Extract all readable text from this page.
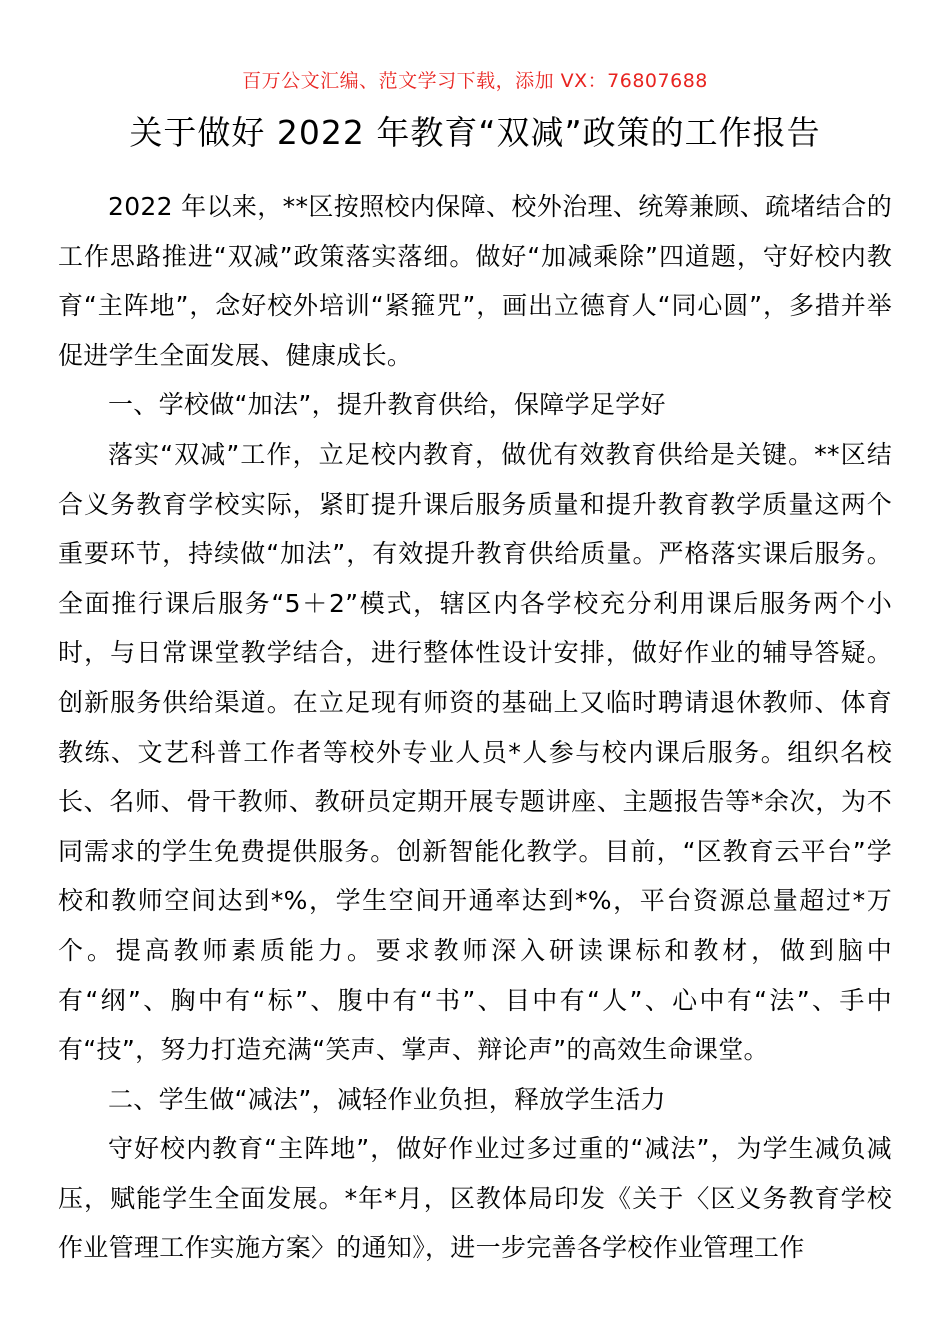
百万公文汇编、范文学习下载，添加 VX：76807688
关于做好 2022 年教育“双减”政策的工作报告

2022 年以来，**区按照校内保障、校外治理、统筹兼顾、疏堵结合的工作思路推进“双减”政策落实落细。做好“加减乘除”四道题，守好校内教育“主阵地”，念好校外培训“紧箍咒”，画出立德育人“同心圆”，多措并举促进学生全面发展、健康成长。

一、学校做“加法”，提升教育供给，保障学足学好

落实“双减”工作，立足校内教育，做优有效教育供给是关键。**区结合义务教育学校实际，紧盯提升课后服务质量和提升教育教学质量这两个重要环节，持续做“加法”，有效提升教育供给质量。严格落实课后服务。全面推行课后服务“5＋2”模式，辖区内各学校充分利用课后服务两个小时，与日常课堂教学结合，进行整体性设计安排，做好作业的辅导答疑。创新服务供给渠道。在立足现有师资的基础上又临时聘请退休教师、体育教练、文艺科普工作者等校外专业人员*人参与校内课后服务。组织名校长、名师、骨干教师、教研员定期开展专题讲座、主题报告等*余次，为不同需求的学生免费提供服务。创新智能化教学。目前，“区教育云平台”学校和教师空间达到*%，学生空间开通率达到*%，平台资源总量超过*万个。提高教师素质能力。要求教师深入研读课标和教材，做到脑中有“纲”、胸中有“标”、腹中有“书”、目中有“人”、心中有“法”、手中有“技”，努力打造充满“笑声、掌声、辩论声”的高效生命课堂。

二、学生做“减法”，减轻作业负担，释放学生活力

守好校内教育“主阵地”，做好作业过多过重的“减法”，为学生减负减压，赋能学生全面发展。*年*月，区教体局印发《关于〈区义务教育学校作业管理工作实施方案〉的通知》，进一步完善各学校作业管理工作
